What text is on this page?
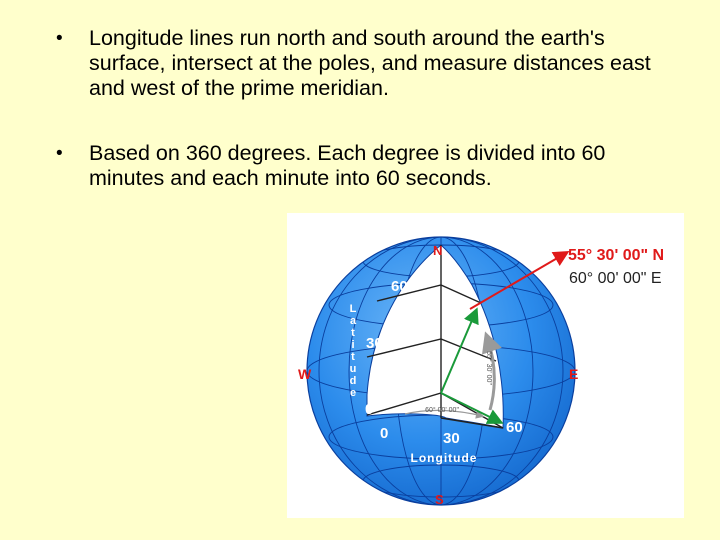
• Longitude lines run north and south around the earth's surface, intersect at the poles, and measure distances east and west of the prime meridian.
• Based on 360 degrees. Each degree is divided into 60 minutes and each minute into 60 seconds.
60° 00' 00"
55° 30' 00"
N
S
W	E
55° 30' 00" N
60° 00' 00" E
60
30
0
0	30
60
L
a
t
i
t
u
d
e
Longitude
